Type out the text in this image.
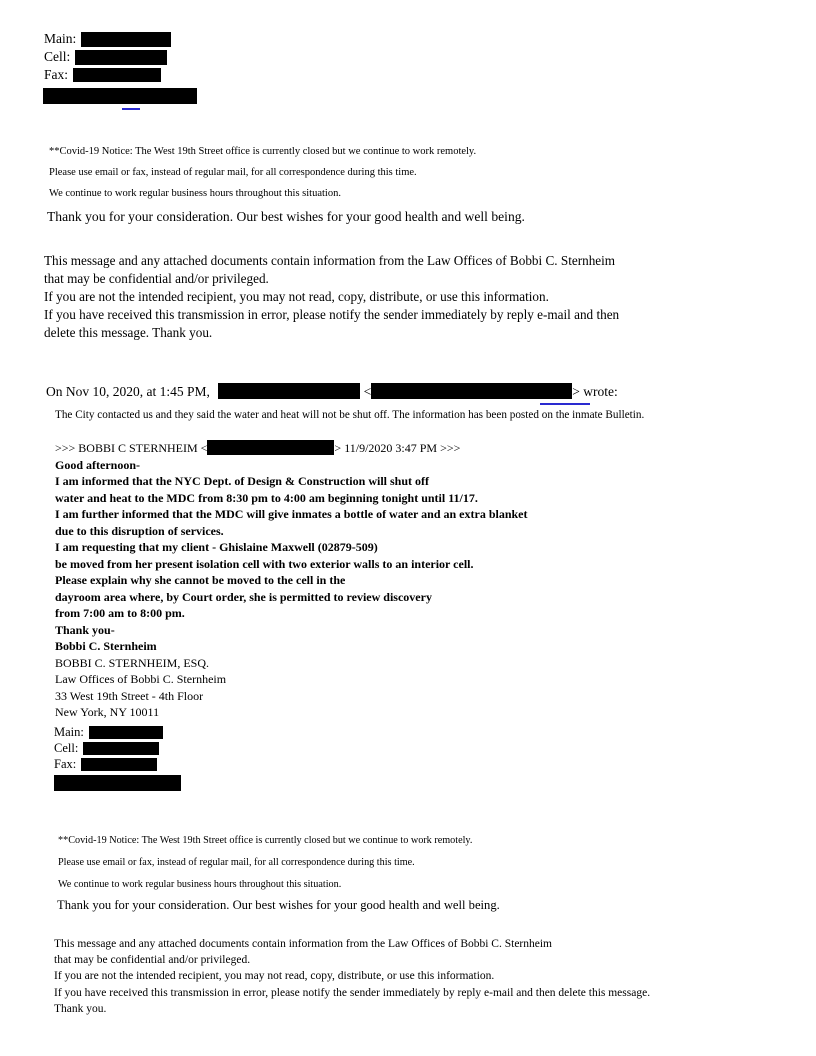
Main:
Cell:
Fax:
**Covid-19 Notice: The West 19th Street office is currently closed but we continue to work remotely.
Please use email or fax, instead of regular mail, for all correspondence during this time.
We continue to work regular business hours throughout this situation.
Thank you for your consideration. Our best wishes for your good health and well being.
This message and any attached documents contain information from the Law Offices of Bobbi C. Sternheim
that may be confidential and/or privileged.
If you are not the intended recipient, you may not read, copy, distribute, or use this information.
If you have received this transmission in error, please notify the sender immediately by reply e-mail and then
delete this message. Thank you.
On Nov 10, 2020, at 1:45 PM,	<	> wrote:
The City contacted us and they said the water and heat will not be shut off. The information has been posted on the inmate Bulletin.
>>> BOBBI C STERNHEIM <	> 11/9/2020 3:47 PM >>>
Good afternoon-
I am informed that the NYC Dept. of Design & Construction will shut off
water and heat to the MDC from 8:30 pm to 4:00 am beginning tonight until 11/17.
I am further informed that the MDC will give inmates a bottle of water and an extra blanket
due to this disruption of services.
I am requesting that my client - Ghislaine Maxwell (02879-509)
be moved from her present isolation cell with two exterior walls to an interior cell.
Please explain why she cannot be moved to the cell in the
dayroom area where, by Court order, she is permitted to review discovery
from 7:00 am to 8:00 pm.
Thank you-
Bobbi C. Sternheim
BOBBI C. STERNHEIM, ESQ.
Law Offices of Bobbi C. Sternheim
33 West 19th Street - 4th Floor
New York, NY 10011
Main:
Cell:
Fax:
**Covid-19 Notice: The West 19th Street office is currently closed but we continue to work remotely.
Please use email or fax, instead of regular mail, for all correspondence during this time.
We continue to work regular business hours throughout this situation.
Thank you for your consideration. Our best wishes for your good health and well being.
This message and any attached documents contain information from the Law Offices of Bobbi C. Sternheim
that may be confidential and/or privileged.
If you are not the intended recipient, you may not read, copy, distribute, or use this information.
If you have received this transmission in error, please notify the sender immediately by reply e-mail and then delete this message.
Thank you.
